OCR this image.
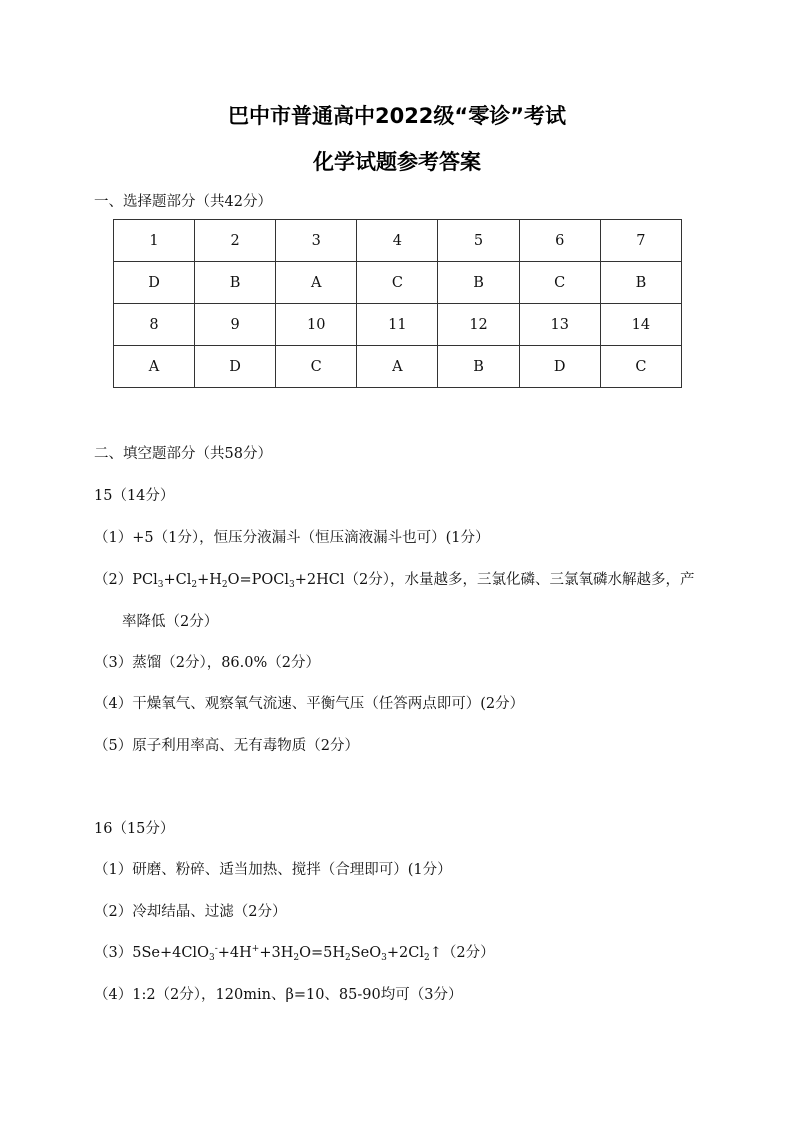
巴中市普通高中2022级“零诊”考试
化学试题参考答案
一、选择题部分（共42分）
1	2	3	4	5	6	7
D	B	A	C	B	C	B
8	9	10	11	12	13	14
A	D	C	A	B	D	C
二、填空题部分（共58分）
15（14分）
（1）+5（1分），恒压分液漏斗（恒压滴液漏斗也可）(1分）
$(2)PCl_3+Cl_2+H_2O=POCl_3+2HCl(2$分），水量越多，三氯化磷、三氯氧磷水解越多，产
率降低（2分）
（3）蒸馏（2分），86.0%（2分）
（4）干燥氧气、观察氧气流速、平衡气压（任答两点即可）(2分）
（5）原子利用率高、无有毒物质（2分）
16（15分）
（1）研磨、粉碎、适当加热、搅拌（合理即可）(1分）
（2）冷却结晶、过滤（2分）
$(3)5Se+4ClO_3^-+4H^++3H_2O=5H_2SeO_3+2Cl_2↑(2$分）
（4）1:2（2分），120min、β=10、85-90均可（3分）
